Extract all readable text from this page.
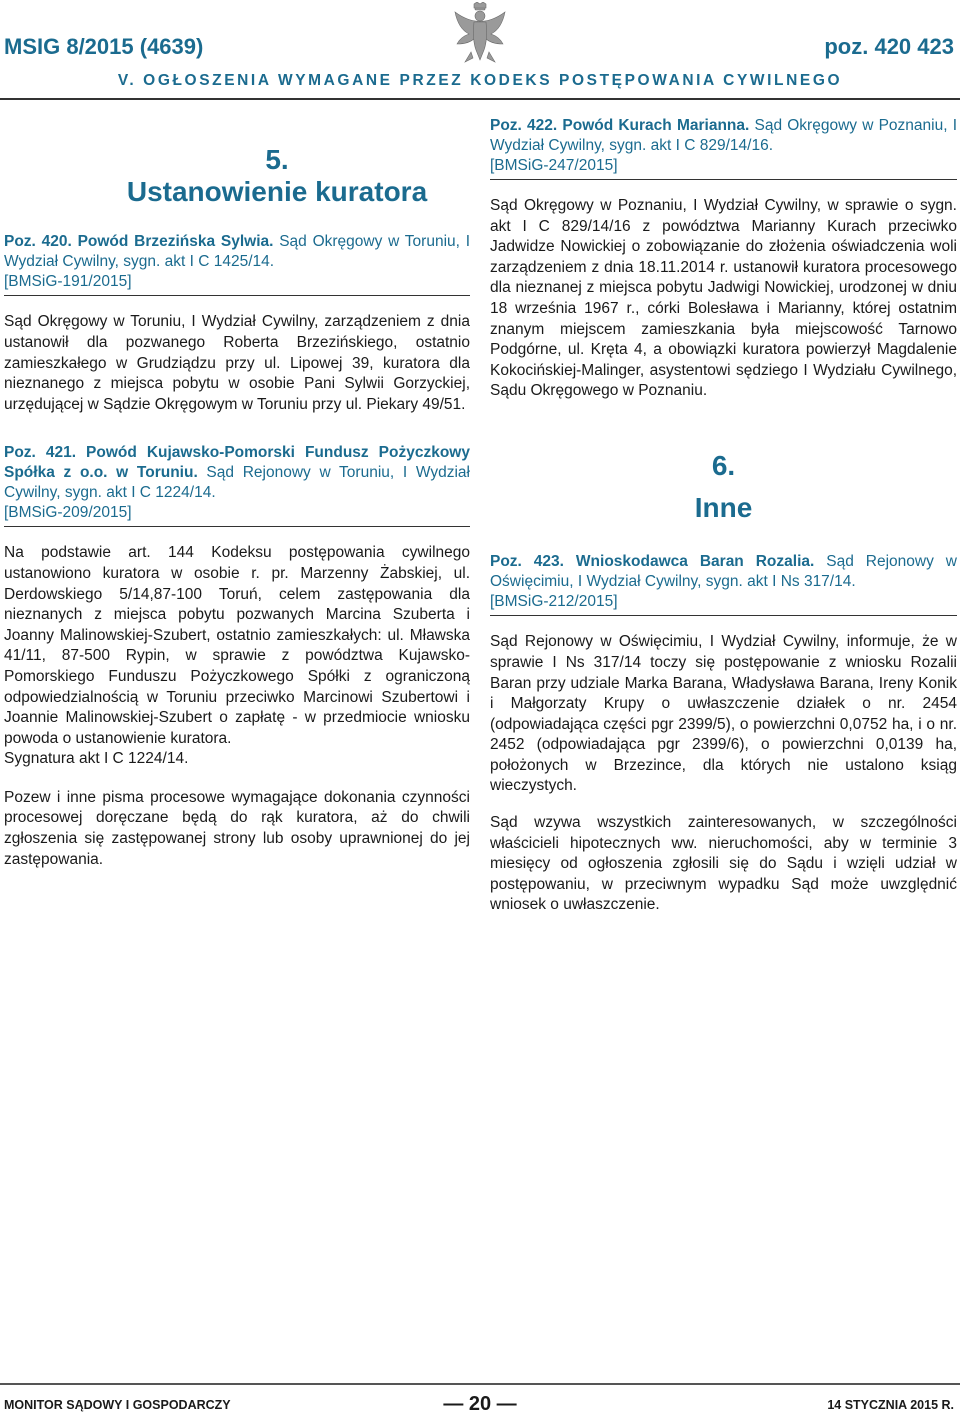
MSIG 8/2015 (4639)	poz. 420 423
V. OGŁOSZENIA WYMAGANE PRZEZ KODEKS POSTĘPOWANIA CYWILNEGO
5.
Ustanowienie kuratora
Poz. 420. Powód Brzezińska Sylwia. Sąd Okręgowy w Toruniu, I Wydział Cywilny, sygn. akt I C 1425/14.
[BMSiG-191/2015]

Sąd Okręgowy w Toruniu, I Wydział Cywilny, zarządzeniem z dnia ustanowił dla pozwanego Roberta Brzezińskiego, ostatnio zamieszkałego w Grudziądzu przy ul. Lipowej 39, kuratora dla nieznanego z miejsca pobytu w osobie Pani Sylwii Gorzyckiej, urzędującej w Sądzie Okręgowym w Toruniu przy ul. Piekary 49/51.

Poz. 421. Powód Kujawsko-Pomorski Fundusz Pożyczkowy Spółka z o.o. w Toruniu. Sąd Rejonowy w Toruniu, I Wydział Cywilny, sygn. akt I C 1224/14.
[BMSiG-209/2015]

Na podstawie art. 144 Kodeksu postępowania cywilnego ustanowiono kuratora w osobie r. pr. Marzenny Żabskiej, ul. Derdowskiego 5/14,87-100 Toruń, celem zastępowania dla nieznanych z miejsca pobytu pozwanych Marcina Szuberta i Joanny Malinowskiej-Szubert, ostatnio zamieszkałych: ul. Mławska 41/11, 87-500 Rypin, w sprawie z powództwa Kujawsko-Pomorskiego Funduszu Pożyczkowego Spółki z ograniczoną odpowiedzialnością w Toruniu przeciwko Marcinowi Szubertowi i Joannie Malinowskiej-Szubert o zapłatę - w przedmiocie wniosku powoda o ustanowienie kuratora.

Sygnatura akt I C 1224/14.

Pozew i inne pisma procesowe wymagające dokonania czynności procesowej doręczane będą do rąk kuratora, aż do chwili zgłoszenia się zastępowanej strony lub osoby uprawnionej do jej zastępowania.

Poz. 422. Powód Kurach Marianna. Sąd Okręgowy w Poznaniu, I Wydział Cywilny, sygn. akt I C 829/14/16.
[BMSiG-247/2015]

Sąd Okręgowy w Poznaniu, I Wydział Cywilny, w sprawie o sygn. akt I C 829/14/16 z powództwa Marianny Kurach przeciwko Jadwidze Nowickiej o zobowiązanie do złożenia oświadczenia woli zarządzeniem z dnia 18.11.2014 r. ustanowił kuratora procesowego dla nieznanej z miejsca pobytu Jadwigi Nowickiej, urodzonej w dniu 18 września 1967 r., córki Bolesława i Marianny, której ostatnim znanym miejscem zamieszkania była miejscowość Tarnowo Podgórne, ul. Kręta 4, a obowiązki kuratora powierzył Magdalenie Kokocińskiej-Malinger, asystentowi sędziego I Wydziału Cywilnego, Sądu Okręgowego w Poznaniu.

6.
Inne
Poz. 423. Wnioskodawca Baran Rozalia. Sąd Rejonowy w Oświęcimiu, I Wydział Cywilny, sygn. akt I Ns 317/14.
[BMSiG-212/2015]

Sąd Rejonowy w Oświęcimiu, I Wydział Cywilny, informuje, że w sprawie I Ns 317/14 toczy się postępowanie z wniosku Rozalii Baran przy udziale Marka Barana, Władysława Barana, Ireny Konik i Małgorzaty Krupy o uwłaszczenie działek o nr. 2454 (odpowiadająca części pgr 2399/5), o powierzchni 0,0752 ha, i o nr. 2452 (odpowiadająca pgr 2399/6), o powierzchni 0,0139 ha, położonych w Brzezince, dla których nie ustalono ksiąg wieczystych.

Sąd wzywa wszystkich zainteresowanych, w szczególności właścicieli hipotecznych ww. nieruchomości, aby w terminie 3 miesięcy od ogłoszenia zgłosili się do Sądu i wzięli udział w postępowaniu, w przeciwnym wypadku Sąd może uwzględnić wniosek o uwłaszczenie.

MONITOR SĄDOWY I GOSPODARCZY	— 20 —	14 STYCZNIA 2015 R.
